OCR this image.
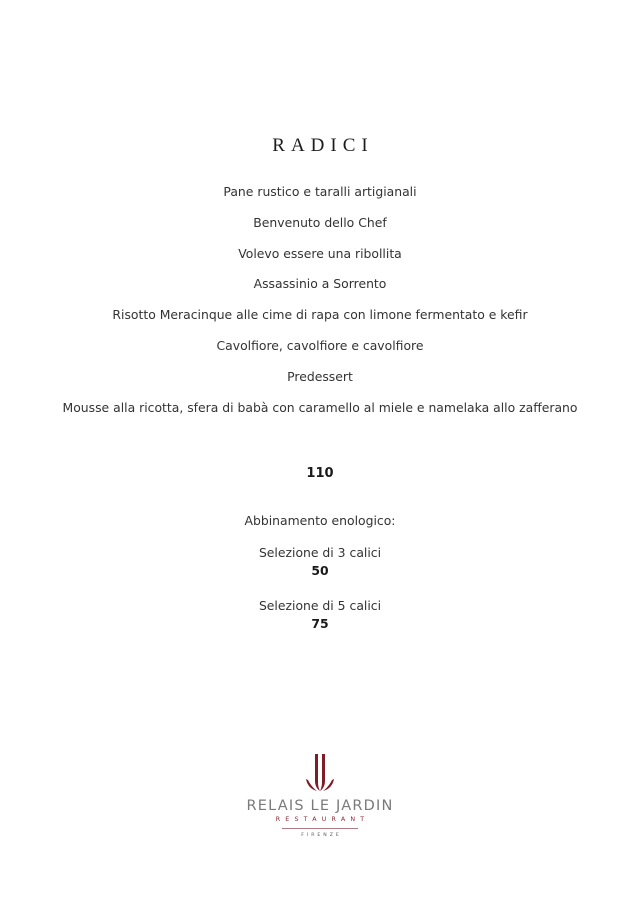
RADICI
Pane rustico e taralli artigianali
Benvenuto dello Chef
Volevo essere una ribollita
Assassinio a Sorrento
Risotto Meracinque alle cime di rapa con limone fermentato e kefir
Cavolfiore, cavolfiore e cavolfiore
Predessert
Mousse alla ricotta, sfera di babà con caramello al miele e namelaka allo zafferano
110
Abbinamento enologico:
Selezione di 3 calici
50
Selezione di 5 calici
75
RELAIS LE JARDIN
RESTAURANT
FIRENZE
